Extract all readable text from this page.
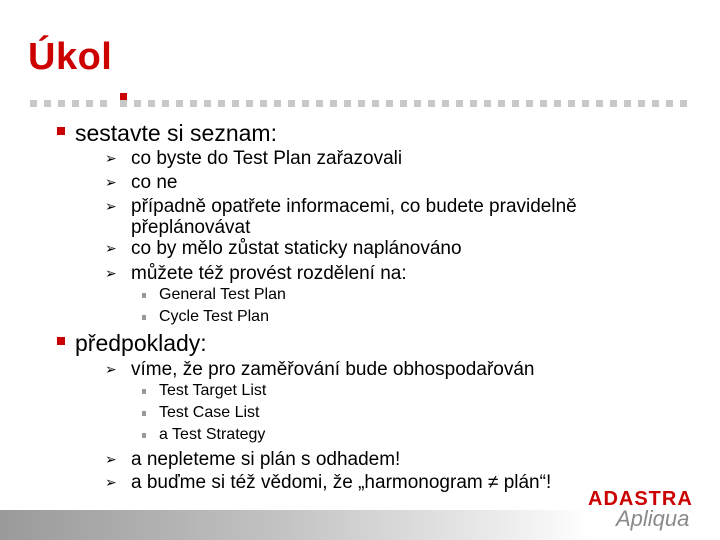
Úkol
sestavte si seznam:
➢ co byste do Test Plan zařazovali
➢ co ne
➢ případně opatřete informacemi, co budete pravidelně přeplánovávat
➢ co by mělo zůstat staticky naplánováno
➢ můžete též provést rozdělení na:
General Test Plan
Cycle Test Plan
předpoklady:
➢ víme, že pro zaměřování bude obhospodařován
Test Target List
Test Case List
a Test Strategy
➢ a nepleteme si plán s odhadem!
➢ a buďme si též vědomi, že „harmonogram ≠ plán“!
ADASTRA
Apliqua
